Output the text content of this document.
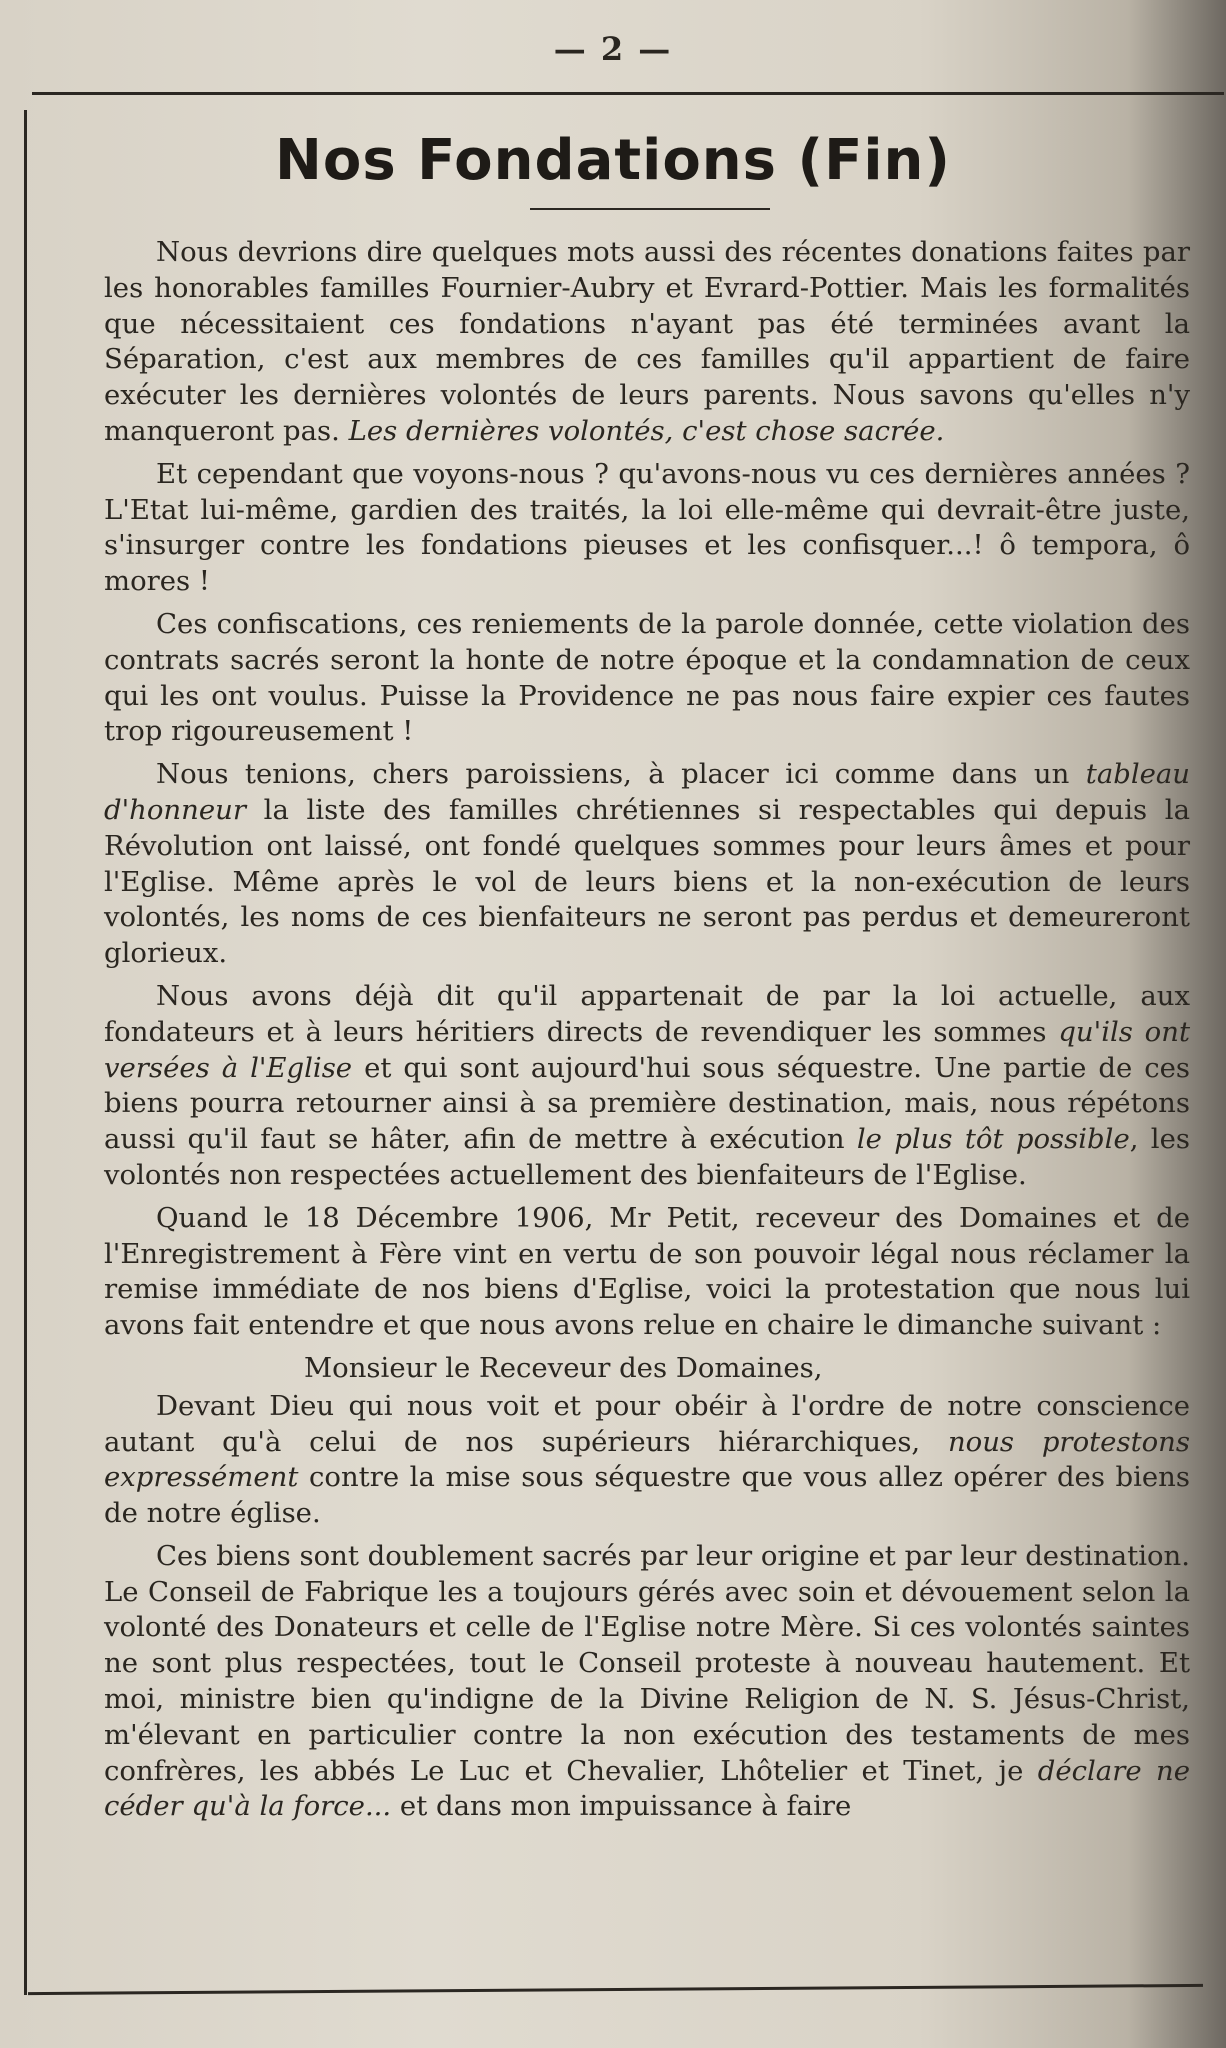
— 2 —
Nos Fondations (Fin)

Nous devrions dire quelques mots aussi des récentes donations faites par les honorables familles Fournier-Aubry et Evrard-Pottier. Mais les formalités que nécessitaient ces fondations n'ayant pas été terminées avant la Séparation, c'est aux membres de ces familles qu'il appartient de faire exécuter les dernières volontés de leurs parents. Nous savons qu'elles n'y manqueront pas. Les dernières volontés, c'est chose sacrée.

Et cependant que voyons-nous ? qu'avons-nous vu ces dernières années ? L'Etat lui-même, gardien des traités, la loi elle-même qui devrait-être juste, s'insurger contre les fondations pieuses et les confisquer...! ô tempora, ô mores !

Ces confiscations, ces reniements de la parole donnée, cette violation des contrats sacrés seront la honte de notre époque et la condamnation de ceux qui les ont voulus. Puisse la Providence ne pas nous faire expier ces fautes trop rigoureusement !

Nous tenions, chers paroissiens, à placer ici comme dans un tableau d'honneur la liste des familles chrétiennes si respectables qui depuis la Révolution ont laissé, ont fondé quelques sommes pour leurs âmes et pour l'Eglise. Même après le vol de leurs biens et la non-exécution de leurs volontés, les noms de ces bienfaiteurs ne seront pas perdus et demeureront glorieux.

Nous avons déjà dit qu'il appartenait de par la loi actuelle, aux fondateurs et à leurs héritiers directs de revendiquer les sommes qu'ils ont versées à l'Eglise et qui sont aujourd'hui sous séquestre. Une partie de ces biens pourra retourner ainsi à sa première destination, mais, nous répétons aussi qu'il faut se hâter, afin de mettre à exécution le plus tôt possible, les volontés non respectées actuellement des bienfaiteurs de l'Eglise.

Quand le 18 Décembre 1906, Mr Petit, receveur des Domaines et de l'Enregistrement à Fère vint en vertu de son pouvoir légal nous réclamer la remise immédiate de nos biens d'Eglise, voici la protestation que nous lui avons fait entendre et que nous avons relue en chaire le dimanche suivant :

Monsieur le Receveur des Domaines,

Devant Dieu qui nous voit et pour obéir à l'ordre de notre conscience autant qu'à celui de nos supérieurs hiérarchiques, nous protestons expressément contre la mise sous séquestre que vous allez opérer des biens de notre église.

Ces biens sont doublement sacrés par leur origine et par leur destination. Le Conseil de Fabrique les a toujours gérés avec soin et dévouement selon la volonté des Donateurs et celle de l'Eglise notre Mère. Si ces volontés saintes ne sont plus respectées, tout le Conseil proteste à nouveau hautement. Et moi, ministre bien qu'indigne de la Divine Religion de N. S. Jésus-Christ, m'élevant en particulier contre la non exécution des testaments de mes confrères, les abbés Le Luc et Chevalier, Lhôtelier et Tinet, je déclare ne céder qu'à la force... et dans mon impuissance à faire
